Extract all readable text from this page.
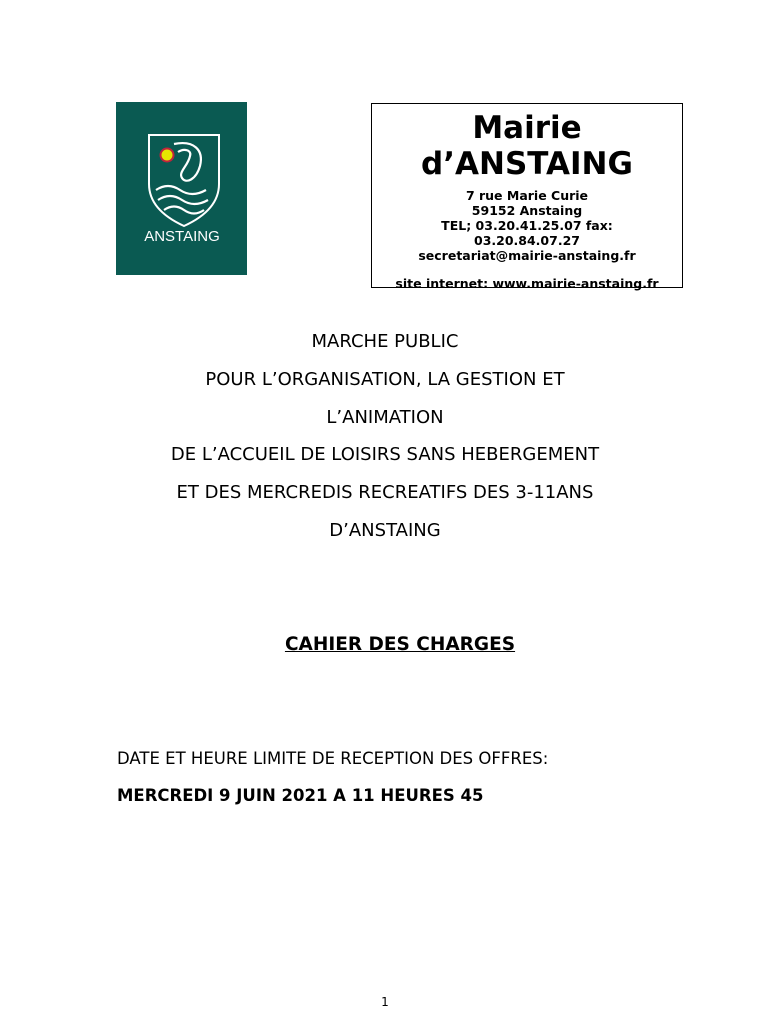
ANSTAING
Mairie
d’ANSTAING
7 rue Marie Curie
59152 Anstaing
TEL; 03.20.41.25.07 fax:
03.20.84.07.27
secretariat@mairie-anstaing.fr
site internet: www.mairie-anstaing.fr
MARCHE PUBLIC
POUR L’ORGANISATION, LA GESTION ET
L’ANIMATION
DE L’ACCUEIL DE LOISIRS SANS HEBERGEMENT
ET DES MERCREDIS RECREATIFS DES 3-11ANS
D’ANSTAING
CAHIER DES CHARGES
DATE ET HEURE LIMITE DE RECEPTION DES OFFRES:
MERCREDI 9 JUIN 2021 A 11 HEURES 45
1
